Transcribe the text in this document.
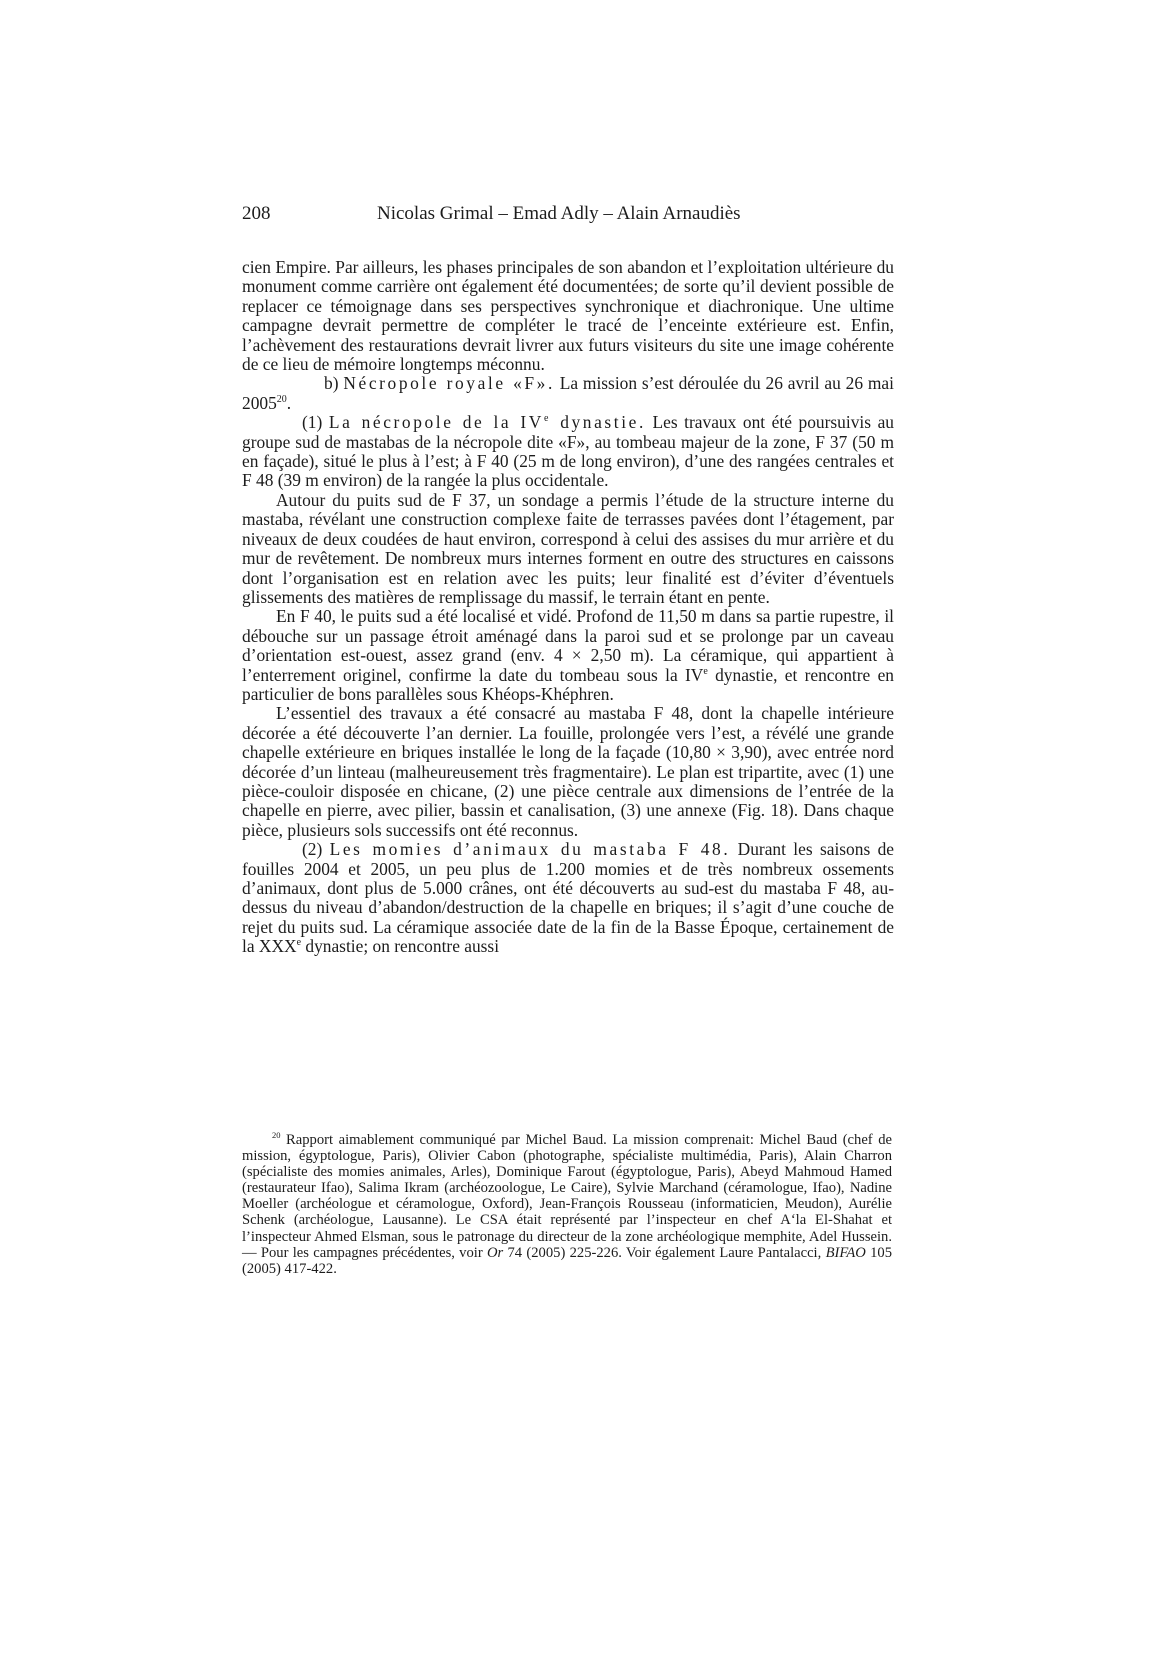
208	Nicolas Grimal – Emad Adly – Alain Arnaudiès

cien Empire. Par ailleurs, les phases principales de son abandon et l’exploitation ultérieure du monument comme carrière ont également été documentées; de sorte qu’il devient possible de replacer ce témoignage dans ses perspectives synchronique et diachronique. Une ultime campagne devrait permettre de compléter le tracé de l’enceinte extérieure est. Enfin, l’achèvement des restaurations devrait livrer aux futurs visiteurs du site une image cohérente de ce lieu de mémoire longtemps méconnu.

b) Nécropole royale «F». La mission s’est déroulée du 26 avril au 26 mai 2005$^{20}$.

(1) La nécropole de la IVe dynastie. Les travaux ont été poursuivis au groupe sud de mastabas de la nécropole dite «F», au tombeau majeur de la zone, F 37 (50 m en façade), situé le plus à l’est; à F 40 (25 m de long environ), d’une des rangées centrales et F 48 (39 m environ) de la rangée la plus occidentale.

Autour du puits sud de F 37, un sondage a permis l’étude de la structure interne du mastaba, révélant une construction complexe faite de terrasses pavées dont l’étagement, par niveaux de deux coudées de haut environ, correspond à celui des assises du mur arrière et du mur de revêtement. De nombreux murs internes forment en outre des structures en caissons dont l’organisation est en relation avec les puits; leur finalité est d’éviter d’éventuels glissements des matières de remplissage du massif, le terrain étant en pente.

En F 40, le puits sud a été localisé et vidé. Profond de 11,50 m dans sa partie rupestre, il débouche sur un passage étroit aménagé dans la paroi sud et se prolonge par un caveau d’orientation est-ouest, assez grand (env. 4 × 2,50 m). La céramique, qui appartient à l’enterrement originel, confirme la date du tombeau sous la IVe dynastie, et rencontre en particulier de bons parallèles sous Khéops-Khéphren.

L’essentiel des travaux a été consacré au mastaba F 48, dont la chapelle intérieure décorée a été découverte l’an dernier. La fouille, prolongée vers l’est, a révélé une grande chapelle extérieure en briques installée le long de la façade (10,80 × 3,90), avec entrée nord décorée d’un linteau (malheureusement très fragmentaire). Le plan est tripartite, avec (1) une pièce-couloir disposée en chicane, (2) une pièce centrale aux dimensions de l’entrée de la chapelle en pierre, avec pilier, bassin et canalisation, (3) une annexe (Fig. 18). Dans chaque pièce, plusieurs sols successifs ont été reconnus.

(2) Les momies d’animaux du mastaba F 48. Durant les saisons de fouilles 2004 et 2005, un peu plus de 1.200 momies et de très nombreux ossements d’animaux, dont plus de 5.000 crânes, ont été découverts au sud-est du mastaba F 48, au-dessus du niveau d’abandon/destruction de la chapelle en briques; il s’agit d’une couche de rejet du puits sud. La céramique associée date de la fin de la Basse Époque, certainement de la XXXe dynastie; on rencontre aussi

$^{20}$ Rapport aimablement communiqué par Michel Baud. La mission comprenait: Michel Baud (chef de mission, égyptologue, Paris), Olivier Cabon (photographe, spécialiste multimédia, Paris), Alain Charron (spécialiste des momies animales, Arles), Dominique Farout (égyptologue, Paris), Abeyd Mahmoud Hamed (restaurateur Ifao), Salima Ikram (archéozoologue, Le Caire), Sylvie Marchand (céramologue, Ifao), Nadine Moeller (archéologue et céramologue, Oxford), Jean-François Rousseau (informaticien, Meudon), Aurélie Schenk (archéologue, Lausanne). Le CSA était représenté par l’inspecteur en chef A‘la El-Shahat et l’inspecteur Ahmed Elsman, sous le patronage du directeur de la zone archéologique memphite, Adel Hussein. — Pour les campagnes précédentes, voir Or 74 (2005) 225-226. Voir également Laure Pantalacci, BIFAO 105 (2005) 417-422.
